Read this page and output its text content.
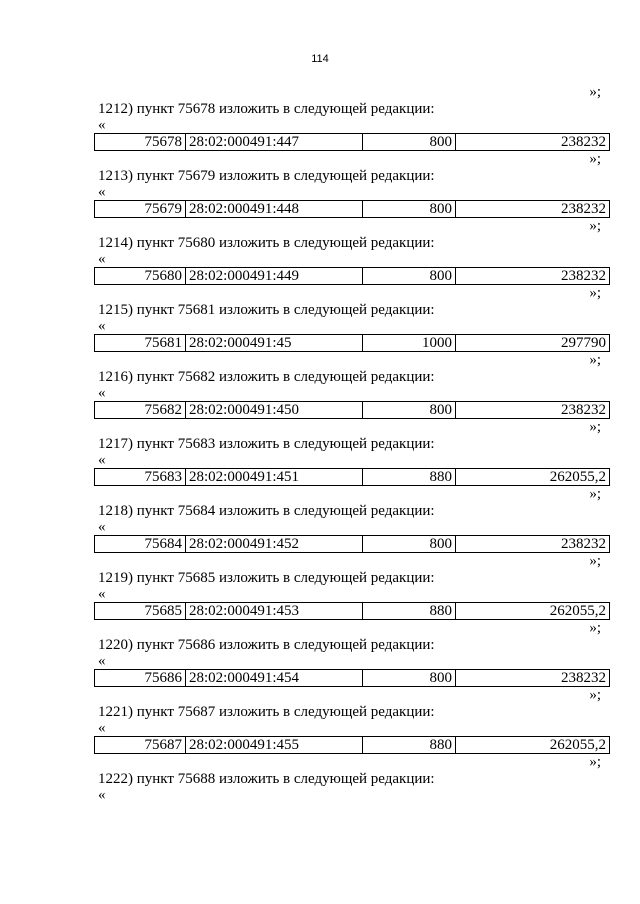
114
»;
1212) пункт 75678 изложить в следующей редакции:
«
75678	28:02:000491:447	800	238232
»;
1213) пункт 75679 изложить в следующей редакции:
«
75679	28:02:000491:448	800	238232
»;
1214) пункт 75680 изложить в следующей редакции:
«
75680	28:02:000491:449	800	238232
»;
1215) пункт 75681 изложить в следующей редакции:
«
75681	28:02:000491:45	1000	297790
»;
1216) пункт 75682 изложить в следующей редакции:
«
75682	28:02:000491:450	800	238232
»;
1217) пункт 75683 изложить в следующей редакции:
«
75683	28:02:000491:451	880	262055,2
»;
1218) пункт 75684 изложить в следующей редакции:
«
75684	28:02:000491:452	800	238232
»;
1219) пункт 75685 изложить в следующей редакции:
«
75685	28:02:000491:453	880	262055,2
»;
1220) пункт 75686 изложить в следующей редакции:
«
75686	28:02:000491:454	800	238232
»;
1221) пункт 75687 изложить в следующей редакции:
«
75687	28:02:000491:455	880	262055,2
»;
1222) пункт 75688 изложить в следующей редакции:
«
